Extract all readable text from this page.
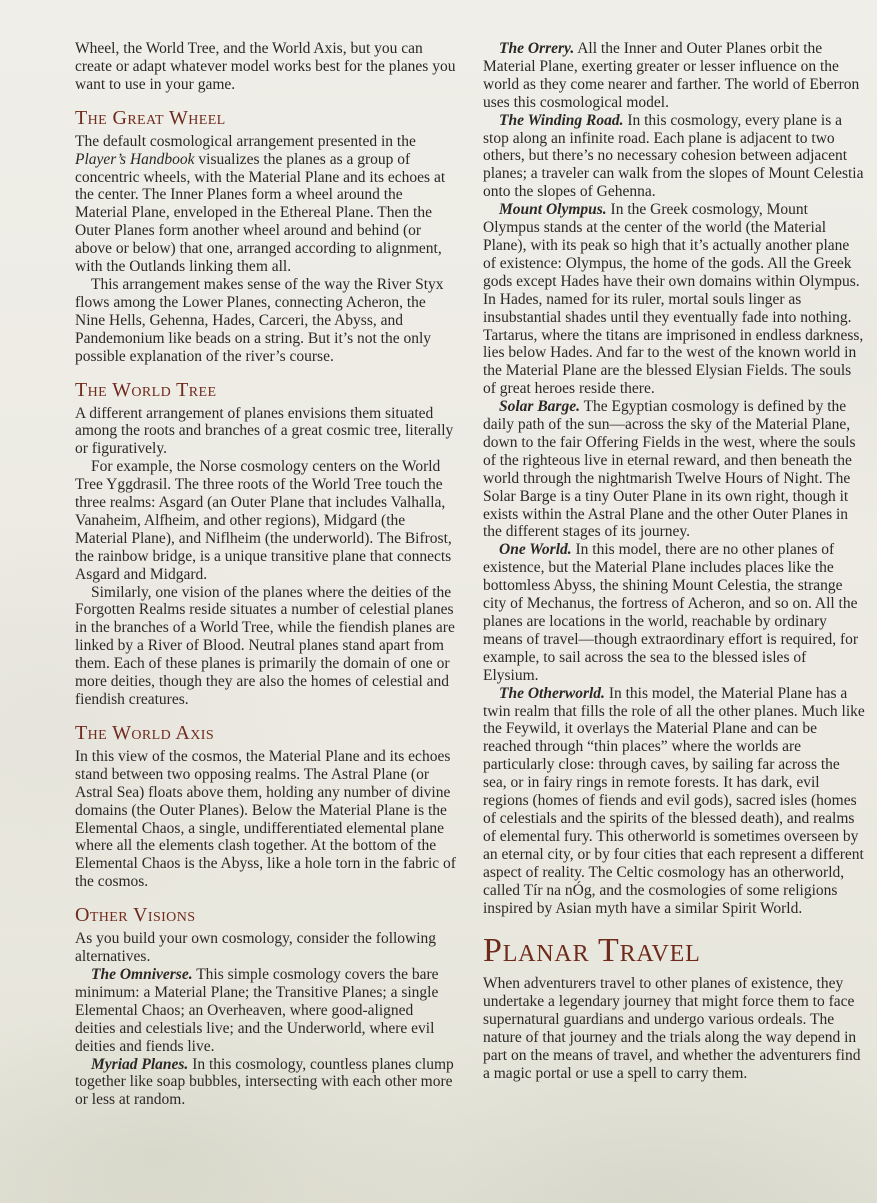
Wheel, the World Tree, and the World Axis, but you can create or adapt whatever model works best for the planes you want to use in your game.

The Great Wheel

The default cosmological arrangement presented in the Player’s Handbook visualizes the planes as a group of concentric wheels, with the Material Plane and its echoes at the center. The Inner Planes form a wheel around the Material Plane, enveloped in the Ethereal Plane. Then the Outer Planes form another wheel around and behind (or above or below) that one, arranged according to alignment, with the Outlands linking them all.

This arrangement makes sense of the way the River Styx flows among the Lower Planes, connecting Acheron, the Nine Hells, Gehenna, Hades, Carceri, the Abyss, and Pandemonium like beads on a string. But it’s not the only possible explanation of the river’s course.

The World Tree

A different arrangement of planes envisions them situated among the roots and branches of a great cosmic tree, literally or figuratively.

For example, the Norse cosmology centers on the World Tree Yggdrasil. The three roots of the World Tree touch the three realms: Asgard (an Outer Plane that includes Valhalla, Vanaheim, Alfheim, and other regions), Midgard (the Material Plane), and Niflheim (the underworld). The Bifrost, the rainbow bridge, is a unique transitive plane that connects Asgard and Midgard.

Similarly, one vision of the planes where the deities of the Forgotten Realms reside situates a number of celestial planes in the branches of a World Tree, while the fiendish planes are linked by a River of Blood. Neutral planes stand apart from them. Each of these planes is primarily the domain of one or more deities, though they are also the homes of celestial and fiendish creatures.

The World Axis

In this view of the cosmos, the Material Plane and its echoes stand between two opposing realms. The Astral Plane (or Astral Sea) floats above them, holding any number of divine domains (the Outer Planes). Below the Material Plane is the Elemental Chaos, a single, undifferentiated elemental plane where all the elements clash together. At the bottom of the Elemental Chaos is the Abyss, like a hole torn in the fabric of the cosmos.

Other Visions

As you build your own cosmology, consider the following alternatives.

The Omniverse. This simple cosmology covers the bare minimum: a Material Plane; the Transitive Planes; a single Elemental Chaos; an Overheaven, where good-aligned deities and celestials live; and the Underworld, where evil deities and fiends live.

Myriad Planes. In this cosmology, countless planes clump together like soap bubbles, intersecting with each other more or less at random.

The Orrery. All the Inner and Outer Planes orbit the Material Plane, exerting greater or lesser influence on the world as they come nearer and farther. The world of Eberron uses this cosmological model.

The Winding Road. In this cosmology, every plane is a stop along an infinite road. Each plane is adjacent to two others, but there’s no necessary cohesion between adjacent planes; a traveler can walk from the slopes of Mount Celestia onto the slopes of Gehenna.

Mount Olympus. In the Greek cosmology, Mount Olympus stands at the center of the world (the Material Plane), with its peak so high that it’s actually another plane of existence: Olympus, the home of the gods. All the Greek gods except Hades have their own domains within Olympus. In Hades, named for its ruler, mortal souls linger as insubstantial shades until they eventually fade into nothing. Tartarus, where the titans are imprisoned in endless darkness, lies below Hades. And far to the west of the known world in the Material Plane are the blessed Elysian Fields. The souls of great heroes reside there.

Solar Barge. The Egyptian cosmology is defined by the daily path of the sun—across the sky of the Material Plane, down to the fair Offering Fields in the west, where the souls of the righteous live in eternal reward, and then beneath the world through the nightmarish Twelve Hours of Night. The Solar Barge is a tiny Outer Plane in its own right, though it exists within the Astral Plane and the other Outer Planes in the different stages of its journey.

One World. In this model, there are no other planes of existence, but the Material Plane includes places like the bottomless Abyss, the shining Mount Celestia, the strange city of Mechanus, the fortress of Acheron, and so on. All the planes are locations in the world, reachable by ordinary means of travel—though extraordinary effort is required, for example, to sail across the sea to the blessed isles of Elysium.

The Otherworld. In this model, the Material Plane has a twin realm that fills the role of all the other planes. Much like the Feywild, it overlays the Material Plane and can be reached through “thin places” where the worlds are particularly close: through caves, by sailing far across the sea, or in fairy rings in remote forests. It has dark, evil regions (homes of fiends and evil gods), sacred isles (homes of celestials and the spirits of the blessed death), and realms of elemental fury. This otherworld is sometimes overseen by an eternal city, or by four cities that each represent a different aspect of reality. The Celtic cosmology has an otherworld, called Tír na nÓg, and the cosmologies of some religions inspired by Asian myth have a similar Spirit World.

Planar Travel

When adventurers travel to other planes of existence, they undertake a legendary journey that might force them to face supernatural guardians and undergo various ordeals. The nature of that journey and the trials along the way depend in part on the means of travel, and whether the adventurers find a magic portal or use a spell to carry them.
